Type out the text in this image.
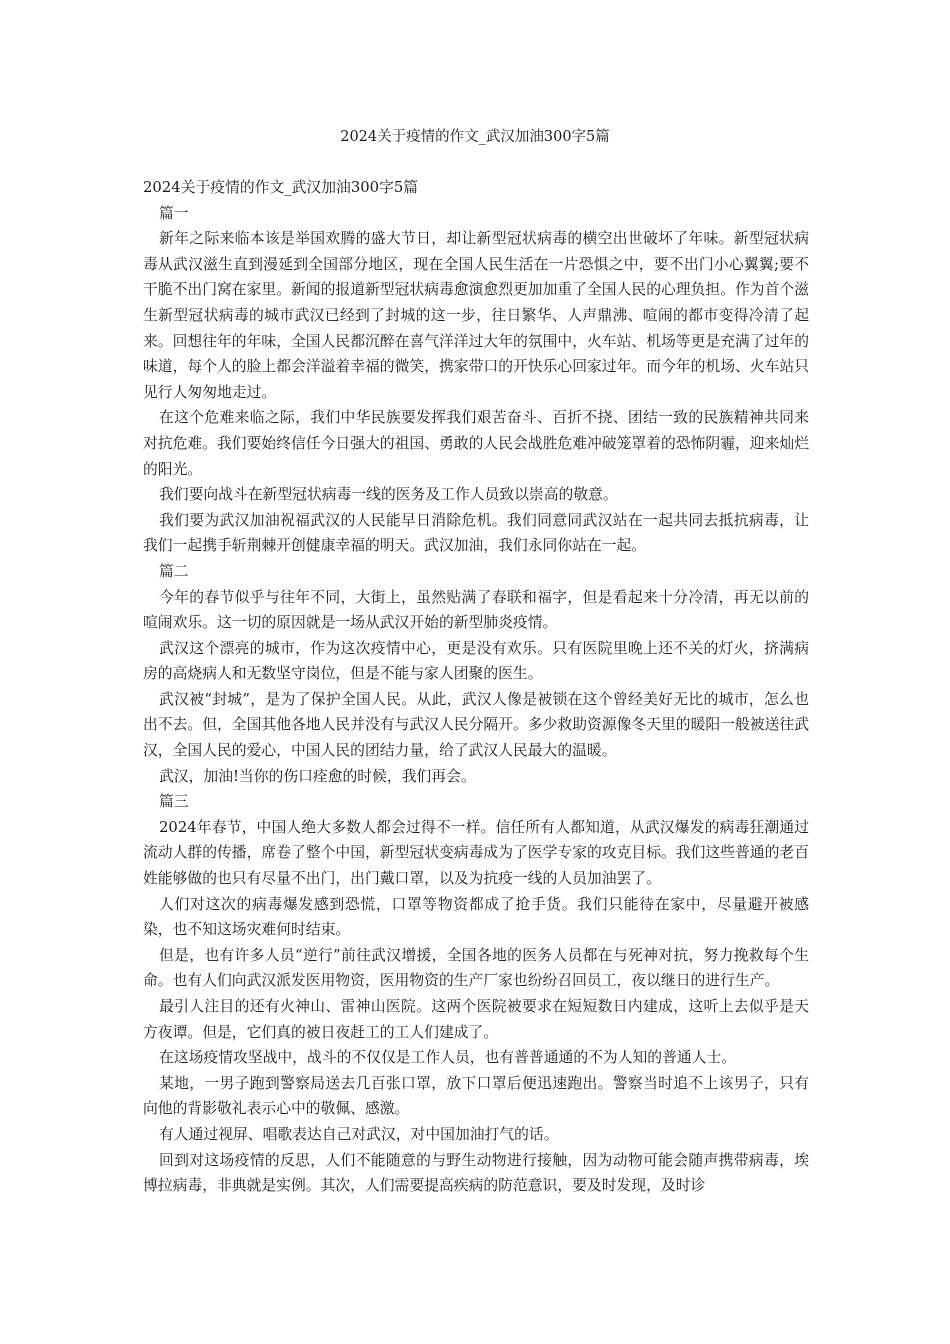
2024关于疫情的作文_武汉加油300字5篇

2024关于疫情的作文_武汉加油300字5篇

篇一

新年之际来临本该是举国欢腾的盛大节日，却让新型冠状病毒的横空出世破坏了年味。新型冠状病毒从武汉滋生直到漫延到全国部分地区，现在全国人民生活在一片恐惧之中，要不出门小心翼翼;要不干脆不出门窝在家里。新闻的报道新型冠状病毒愈演愈烈更加加重了全国人民的心理负担。作为首个滋生新型冠状病毒的城市武汉已经到了封城的这一步，往日繁华、人声鼎沸、喧闹的都市变得冷清了起来。回想往年的年味，全国人民都沉醉在喜气洋洋过大年的氛围中，火车站、机场等更是充满了过年的味道，每个人的脸上都会洋溢着幸福的微笑，携家带口的开快乐心回家过年。而今年的机场、火车站只见行人匆匆地走过。

在这个危难来临之际，我们中华民族要发挥我们艰苦奋斗、百折不挠、团结一致的民族精神共同来对抗危难。我们要始终信任今日强大的祖国、勇敢的人民会战胜危难冲破笼罩着的恐怖阴霾，迎来灿烂的阳光。

我们要向战斗在新型冠状病毒一线的医务及工作人员致以崇高的敬意。

我们要为武汉加油祝福武汉的人民能早日消除危机。我们同意同武汉站在一起共同去抵抗病毒，让我们一起携手斩荆棘开创健康幸福的明天。武汉加油，我们永同你站在一起。

篇二

今年的春节似乎与往年不同，大街上，虽然贴满了春联和福字，但是看起来十分冷清，再无以前的喧闹欢乐。这一切的原因就是一场从武汉开始的新型肺炎疫情。

武汉这个漂亮的城市，作为这次疫情中心，更是没有欢乐。只有医院里晚上还不关的灯火，挤满病房的高烧病人和无数坚守岗位，但是不能与家人团聚的医生。

武汉被“封城”，是为了保护全国人民。从此，武汉人像是被锁在这个曾经美好无比的城市，怎么也出不去。但，全国其他各地人民并没有与武汉人民分隔开。多少救助资源像冬天里的暖阳一般被送往武汉，全国人民的爱心，中国人民的团结力量，给了武汉人民最大的温暖。

武汉，加油!当你的伤口痊愈的时候，我们再会。

篇三

2024年春节，中国人绝大多数人都会过得不一样。信任所有人都知道，从武汉爆发的病毒狂潮通过流动人群的传播，席卷了整个中国，新型冠状变病毒成为了医学专家的攻克目标。我们这些普通的老百姓能够做的也只有尽量不出门，出门戴口罩，以及为抗疫一线的人员加油罢了。

人们对这次的病毒爆发感到恐慌，口罩等物资都成了抢手货。我们只能待在家中，尽量避开被感染，也不知这场灾难何时结束。

但是，也有许多人员“逆行”前往武汉增援，全国各地的医务人员都在与死神对抗，努力挽救每个生命。也有人们向武汉派发医用物资，医用物资的生产厂家也纷纷召回员工，夜以继日的进行生产。

最引人注目的还有火神山、雷神山医院。这两个医院被要求在短短数日内建成，这听上去似乎是天方夜谭。但是，它们真的被日夜赶工的工人们建成了。

在这场疫情攻坚战中，战斗的不仅仅是工作人员，也有普普通通的不为人知的普通人士。

某地，一男子跑到警察局送去几百张口罩，放下口罩后便迅速跑出。警察当时追不上该男子，只有向他的背影敬礼表示心中的敬佩、感激。

有人通过视屏、唱歌表达自己对武汉，对中国加油打气的话。

回到对这场疫情的反思，人们不能随意的与野生动物进行接触，因为动物可能会随声携带病毒，埃博拉病毒，非典就是实例。其次，人们需要提高疾病的防范意识，要及时发现，及时诊
